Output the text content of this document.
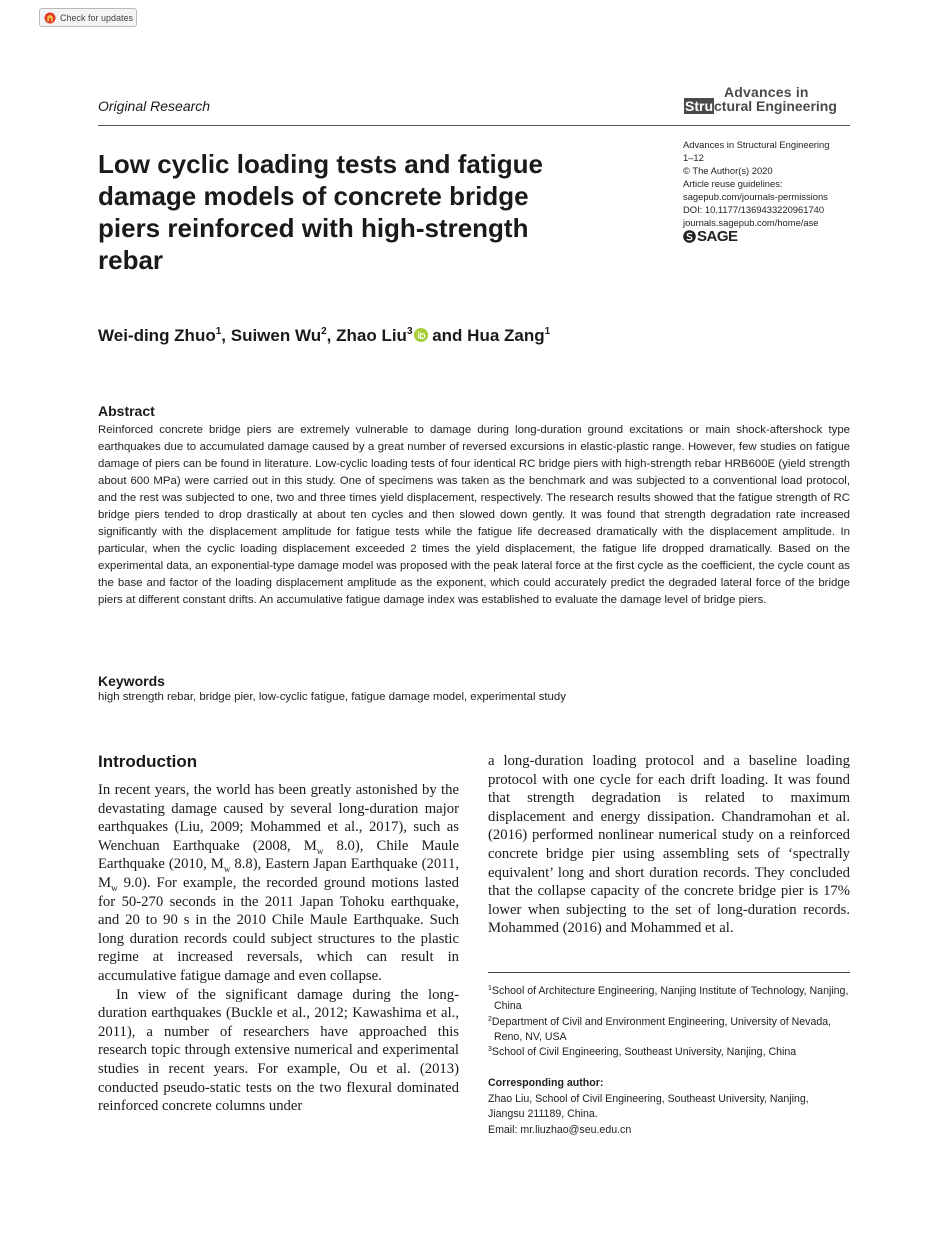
Check for updates
Original Research
Advances in
Structural Engineering
Low cyclic loading tests and fatigue damage models of concrete bridge piers reinforced with high-strength rebar
Advances in Structural Engineering
1–12
© The Author(s) 2020
Article reuse guidelines:
sagepub.com/journals-permissions
DOI: 10.1177/1369433220961740
journals.sagepub.com/home/ase
SAGE
Wei-ding Zhuo$^1$, Suiwen Wu$^2$, Zhao Liu$^3$ and Hua Zang$^1$
Abstract

Reinforced concrete bridge piers are extremely vulnerable to damage during long-duration ground excitations or main shock-aftershock type earthquakes due to accumulated damage caused by a great number of reversed excursions in elastic-plastic range. However, few studies on fatigue damage of piers can be found in literature. Low-cyclic loading tests of four identical RC bridge piers with high-strength rebar HRB600E (yield strength about 600 MPa) were carried out in this study. One of specimens was taken as the benchmark and was subjected to a conventional load protocol, and the rest was subjected to one, two and three times yield displacement, respectively. The research results showed that the fatigue strength of RC bridge piers tended to drop drastically at about ten cycles and then slowed down gently. It was found that strength degradation rate increased significantly with the displacement amplitude for fatigue tests while the fatigue life decreased dramatically with the displacement amplitude. In particular, when the cyclic loading displacement exceeded 2 times the yield displacement, the fatigue life dropped dramatically. Based on the experimental data, an exponential-type damage model was proposed with the peak lateral force at the first cycle as the coefficient, the cycle count as the base and factor of the loading displacement amplitude as the exponent, which could accurately predict the degraded lateral force of the bridge piers at different constant drifts. An accumulative fatigue damage index was established to evaluate the damage level of bridge piers.

Keywords
high strength rebar, bridge pier, low-cyclic fatigue, fatigue damage model, experimental study
Introduction

In recent years, the world has been greatly astonished by the devastating damage caused by several long-duration major earthquakes (Liu, 2009; Mohammed et al., 2017), such as Wenchuan Earthquake (2008, $M_w$ 8.0), Chile Maule Earthquake (2010, $M_w$ 8.8), Eastern Japan Earthquake (2011, $M_w$ 9.0). For example, the recorded ground motions lasted for 50-270 seconds in the 2011 Japan Tohoku earthquake, and 20 to 90 s in the 2010 Chile Maule Earthquake. Such long duration records could subject structures to the plastic regime at increased reversals, which can result in accumulative fatigue damage and even collapse.

In view of the significant damage during the long-duration earthquakes (Buckle et al., 2012; Kawashima et al., 2011), a number of researchers have approached this research topic through extensive numerical and experimental studies in recent years. For example, Ou et al. (2013) conducted pseudo-static tests on the two flexural dominated reinforced concrete columns under

a long-duration loading protocol and a baseline loading protocol with one cycle for each drift loading. It was found that strength degradation is related to maximum displacement and energy dissipation. Chandramohan et al. (2016) performed nonlinear numerical study on a reinforced concrete bridge pier using assembling sets of ‘spectrally equivalent’ long and short duration records. They concluded that the collapse capacity of the concrete bridge pier is 17% lower when subjecting to the set of long-duration records. Mohammed (2016) and Mohammed et al.

$^1$School of Architecture Engineering, Nanjing Institute of Technology, Nanjing, China
$^2$Department of Civil and Environment Engineering, University of Nevada, Reno, NV, USA
$^3$School of Civil Engineering, Southeast University, Nanjing, China
Corresponding author:
Zhao Liu, School of Civil Engineering, Southeast University, Nanjing,
Jiangsu 211189, China.
Email: mr.liuzhao@seu.edu.cn
